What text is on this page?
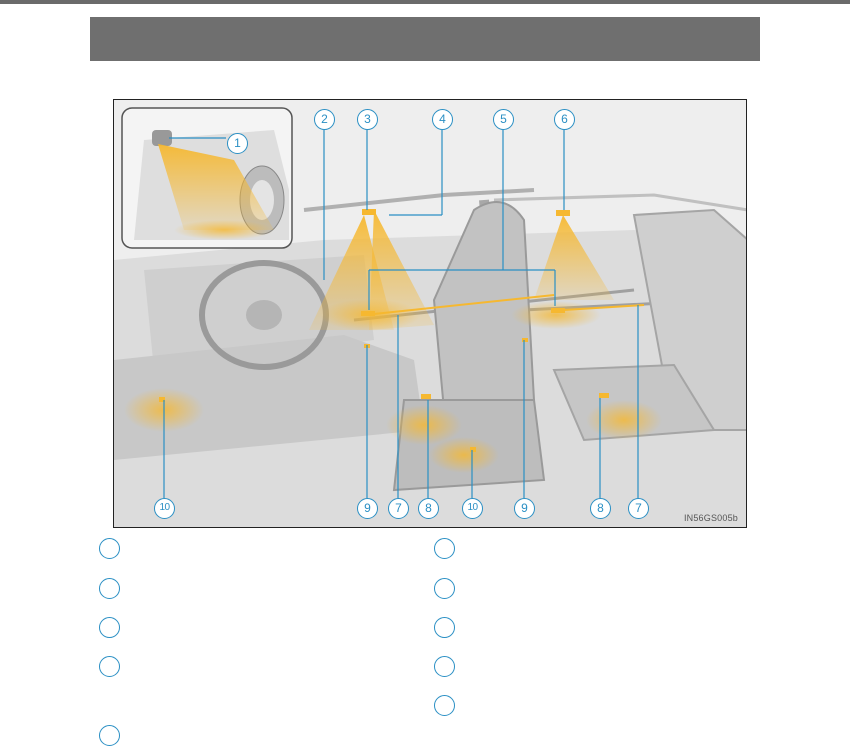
1
2	3	4	5	6
10	9	7	8	10	9	8	7
IN56GS005b
